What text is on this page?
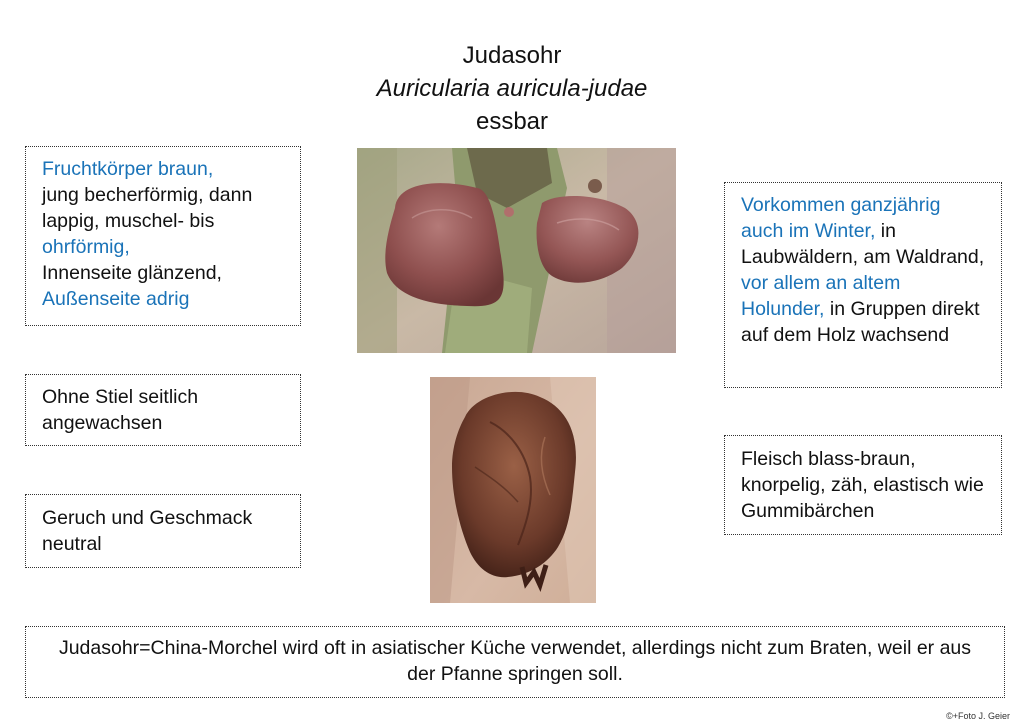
Judasohr
Auricularia auricula-judae
essbar
Fruchtkörper braun,
jung becherförmig, dann lappig, muschel- bis
ohrförmig,
Innenseite glänzend,
Außenseite adrig
Ohne Stiel seitlich angewachsen
Geruch und Geschmack neutral
Vorkommen ganzjährig auch im Winter, in Laubwäldern, am Waldrand, vor allem an altem Holunder, in Gruppen direkt auf dem Holz wachsend
Fleisch blass-braun, knorpelig, zäh, elastisch wie Gummibärchen
Judasohr=China-Morchel wird oft in asiatischer Küche verwendet, allerdings nicht zum Braten, weil er aus der Pfanne springen soll.
©+Foto J. Geier
